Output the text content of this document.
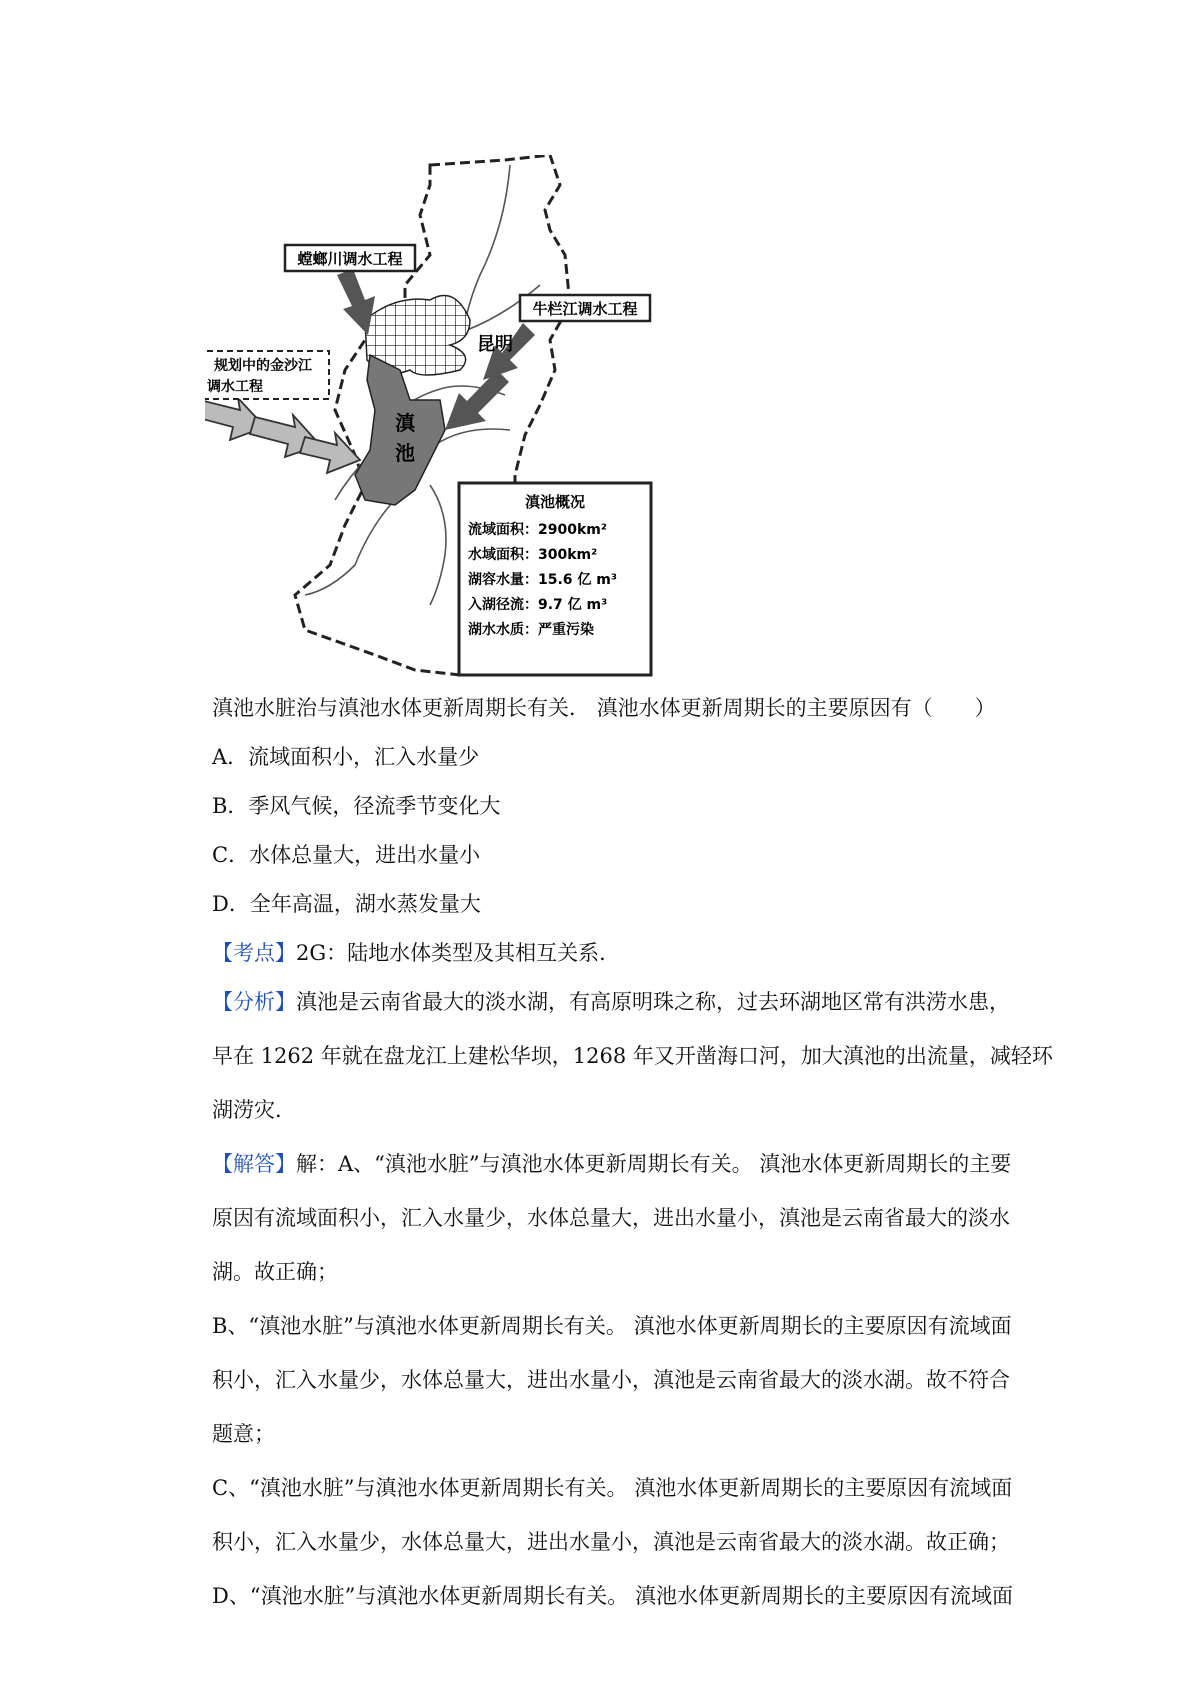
螳螂川调水工程
牛栏江调水工程
规划中的金沙江
调水工程
昆明
滇
池
滇池概况
流域面积：2900km²
水域面积：300km²
湖容水量：15.6 亿 m³
入湖径流：9.7 亿 m³
湖水水质：严重污染

滇池水脏治与滇池水体更新周期长有关． 滇池水体更新周期长的主要原因有（　　）

A．流域面积小，汇入水量少

B．季风气候，径流季节变化大

C．水体总量大，进出水量小

D．全年高温，湖水蒸发量大

【考点】2G：陆地水体类型及其相互关系．

【分析】滇池是云南省最大的淡水湖，有高原明珠之称，过去环湖地区常有洪涝水患，
早在 1262 年就在盘龙江上建松华坝，1268 年又开凿海口河，加大滇池的出流量，减轻环
湖涝灾．
【解答】解：A、“滇池水脏”与滇池水体更新周期长有关。 滇池水体更新周期长的主要
原因有流域面积小，汇入水量少，水体总量大，进出水量小，滇池是云南省最大的淡水
湖。故正确；
B、“滇池水脏”与滇池水体更新周期长有关。 滇池水体更新周期长的主要原因有流域面
积小，汇入水量少，水体总量大，进出水量小，滇池是云南省最大的淡水湖。故不符合
题意；
C、“滇池水脏”与滇池水体更新周期长有关。 滇池水体更新周期长的主要原因有流域面
积小，汇入水量少，水体总量大，进出水量小，滇池是云南省最大的淡水湖。故正确；
D、“滇池水脏”与滇池水体更新周期长有关。 滇池水体更新周期长的主要原因有流域面
